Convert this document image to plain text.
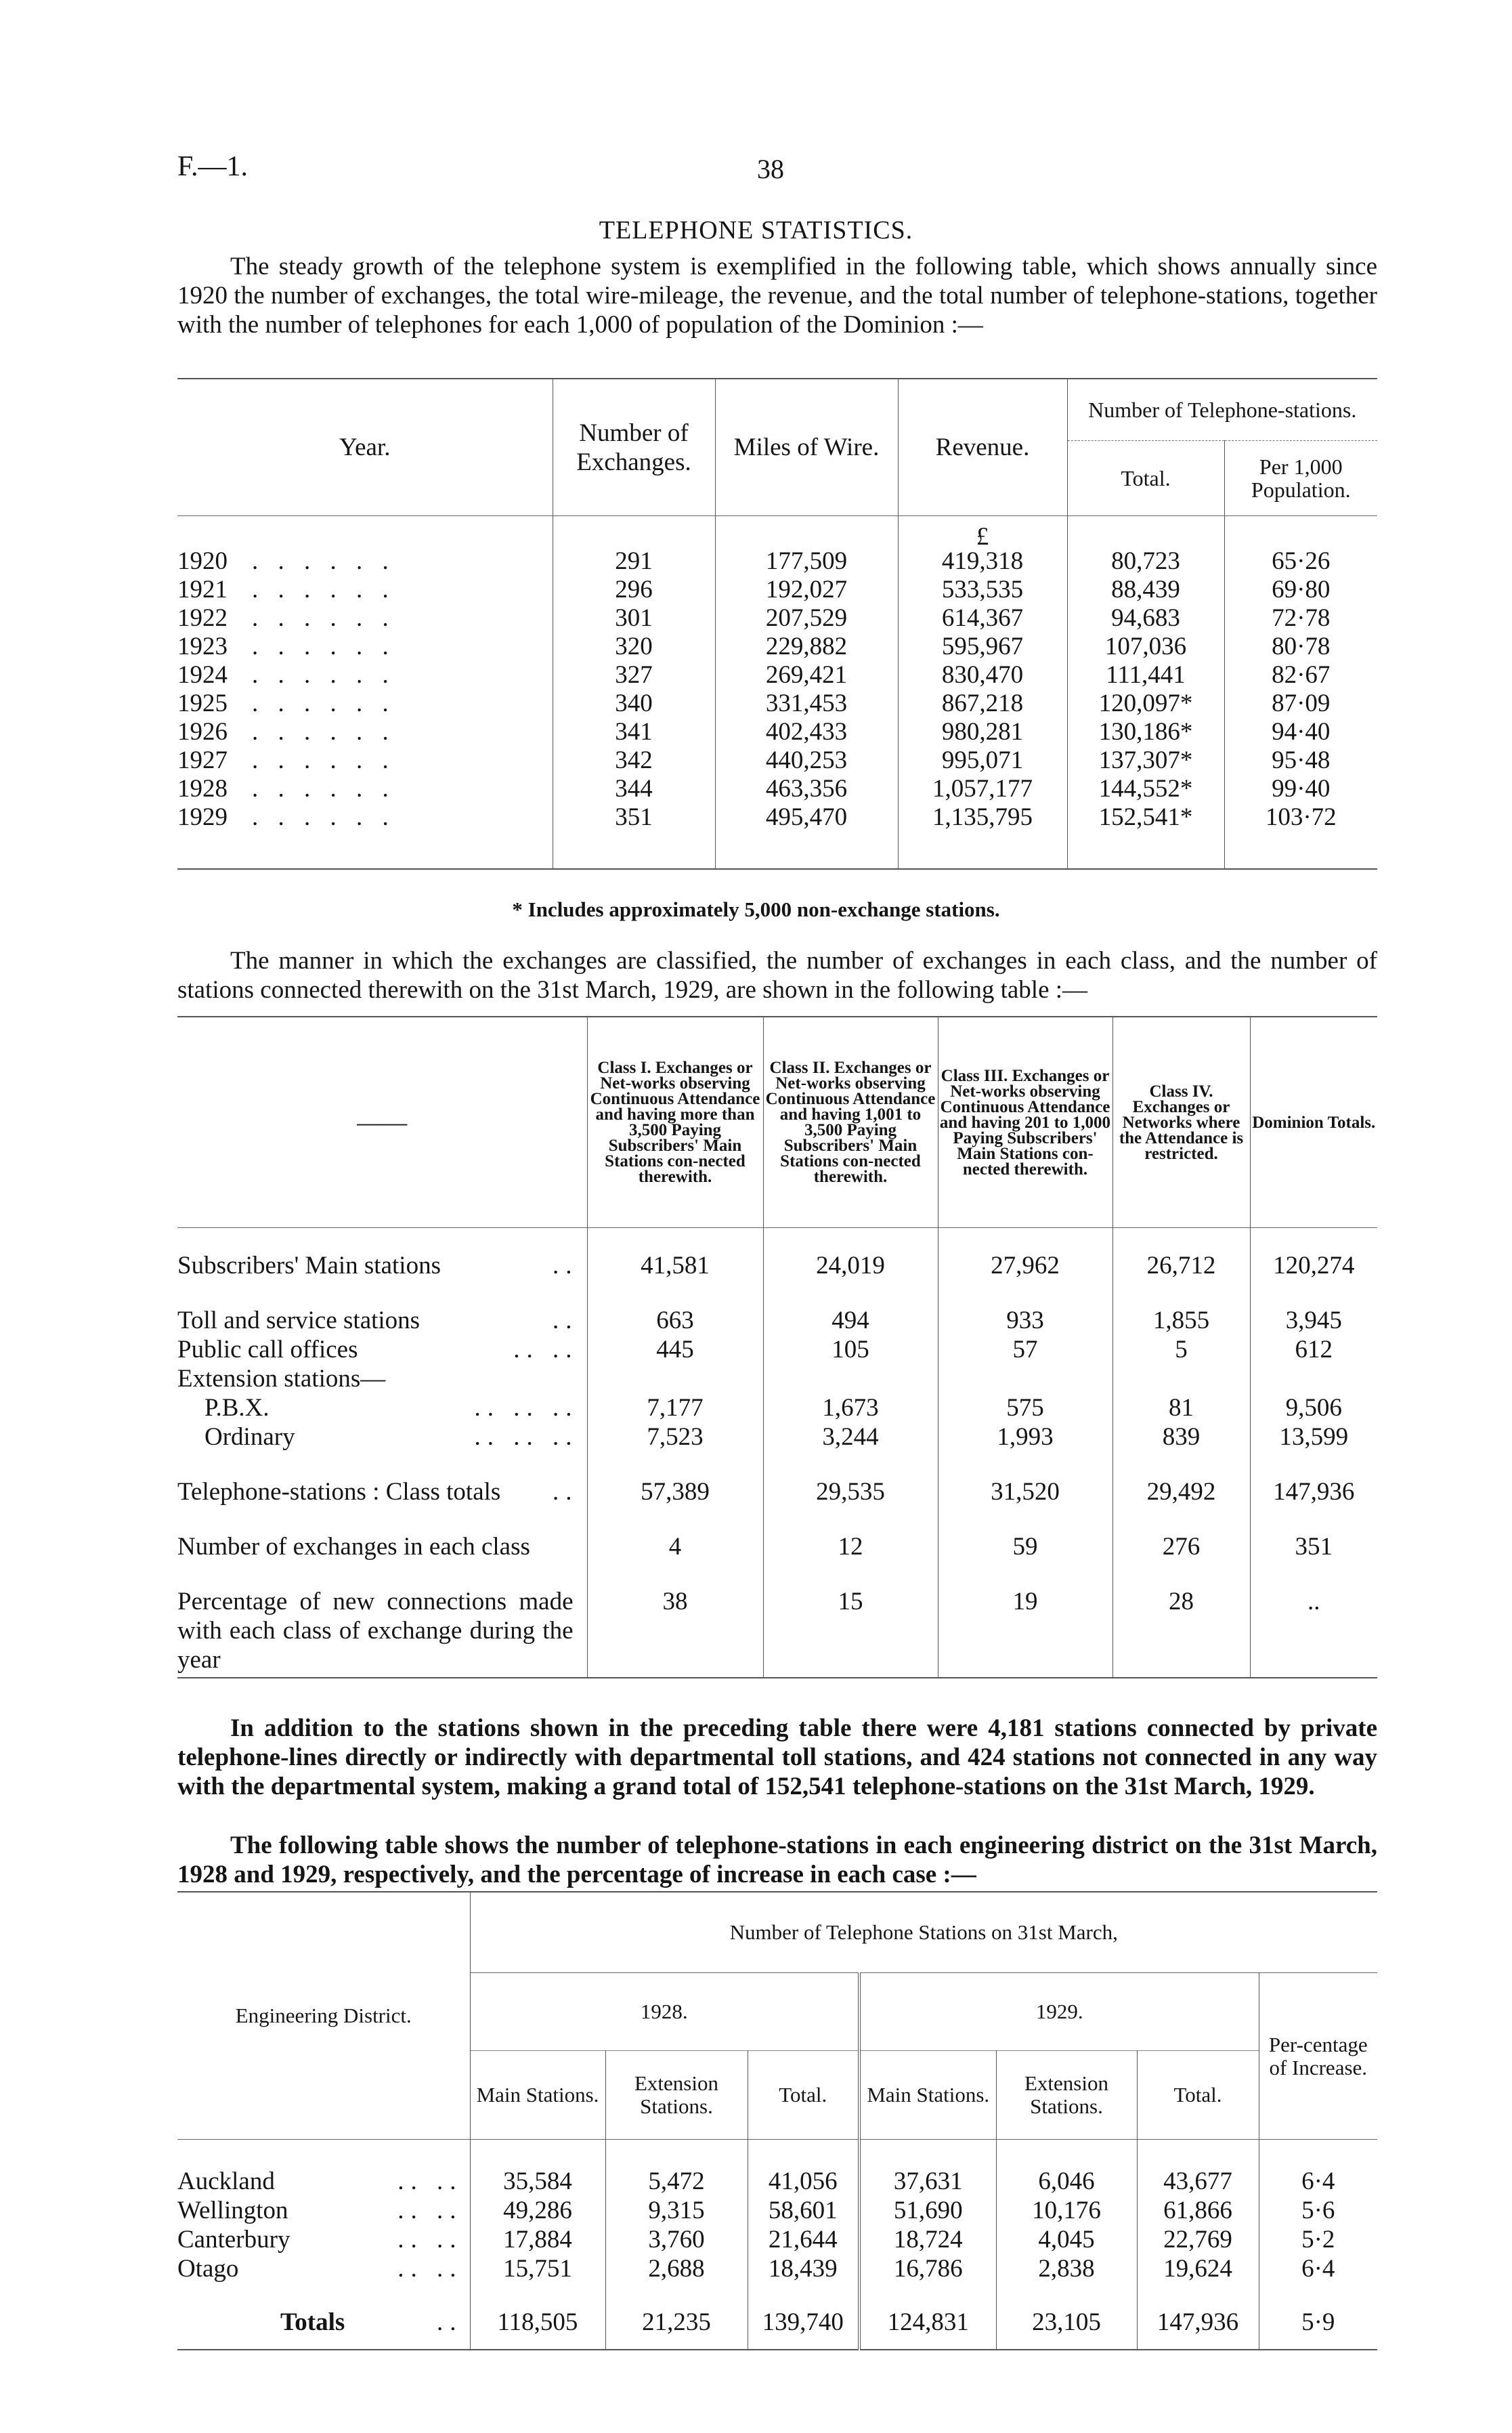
F.—1.	38
TELEPHONE STATISTICS.
The steady growth of the telephone system is exemplified in the following table, which shows annually since 1920 the number of exchanges, the total wire-mileage, the revenue, and the total number of telephone-stations, together with the number of telephones for each 1,000 of population of the Dominion :—
Year.	Number of Exchanges.	Miles of Wire.	Revenue.	Number of Telephone-stations.	
				Total.	Per 1,000 Population.
			£		
1920 . . . . . .	291	177,509	419,318	80,723	65·26
1921 . . . . . .	296	192,027	533,535	88,439	69·80
1922 . . . . . .	301	207,529	614,367	94,683	72·78
1923 . . . . . .	320	229,882	595,967	107,036	80·78
1924 . . . . . .	327	269,421	830,470	111,441	82·67
1925 . . . . . .	340	331,453	867,218	120,097*	87·09
1926 . . . . . .	341	402,433	980,281	130,186*	94·40
1927 . . . . . .	342	440,253	995,071	137,307*	95·48
1928 . . . . . .	344	463,356	1,057,177	144,552*	99·40
1929 . . . . . .	351	495,470	1,135,795	152,541*	103·72

* Includes approximately 5,000 non-exchange stations.
The manner in which the exchanges are classified, the number of exchanges in each class, and the number of stations connected therewith on the 31st March, 1929, are shown in the following table :—
——	Class I. Exchanges or Net-works observing Continuous Attendance and having more than 3,500 Paying Subscribers' Main Stations con-nected therewith.	Class II. Exchanges or Net-works observing Continuous Attendance and having 1,001 to 3,500 Paying Subscribers' Main Stations con-nected therewith.	Class III. Exchanges or Net-works observing Continuous Attendance and having 201 to 1,000 Paying Subscribers' Main Stations con-nected therewith.	Class IV. Exchanges or Networks where the Attendance is restricted.	Dominion Totals.
Subscribers' Main stations ..	41,581	24,019	27,962	26,712	120,274
Toll and service stations ..	663	494	933	1,855	3,945
Public call offices .. ..	445	105	57	5	612
Extension stations—					
P.B.X. .. .. ..	7,177	1,673	575	81	9,506
Ordinary .. .. ..	7,523	3,244	1,993	839	13,599
Telephone-stations : Class totals ..	57,389	29,535	31,520	29,492	147,936
Number of exchanges in each class	4	12	59	276	351
Percentage of new connections made with each class of exchange during the year	38	15	19	28	..
In addition to the stations shown in the preceding table there were 4,181 stations connected by private telephone-lines directly or indirectly with departmental toll stations, and 424 stations not connected in any way with the departmental system, making a grand total of 152,541 telephone-stations on the 31st March, 1929.
The following table shows the number of telephone-stations in each engineering district on the 31st March, 1928 and 1929, respectively, and the percentage of increase in each case :—
Engineering District.	Number of Telephone Stations on 31st March,						
	1928.			1929.			Per-centage of Increase.
	Main Stations.	Extension Stations.	Total.	Main Stations.	Extension Stations.	Total.	

Auckland .. ..	35,584	5,472	41,056	37,631	6,046	43,677	6·4
Wellington .. ..	49,286	9,315	58,601	51,690	10,176	61,866	5·6
Canterbury .. ..	17,884	3,760	21,644	18,724	4,045	22,769	5·2
Otago .. ..	15,751	2,688	18,439	16,786	2,838	19,624	6·4
Totals ..	118,505	21,235	139,740	124,831	23,105	147,936	5·9
